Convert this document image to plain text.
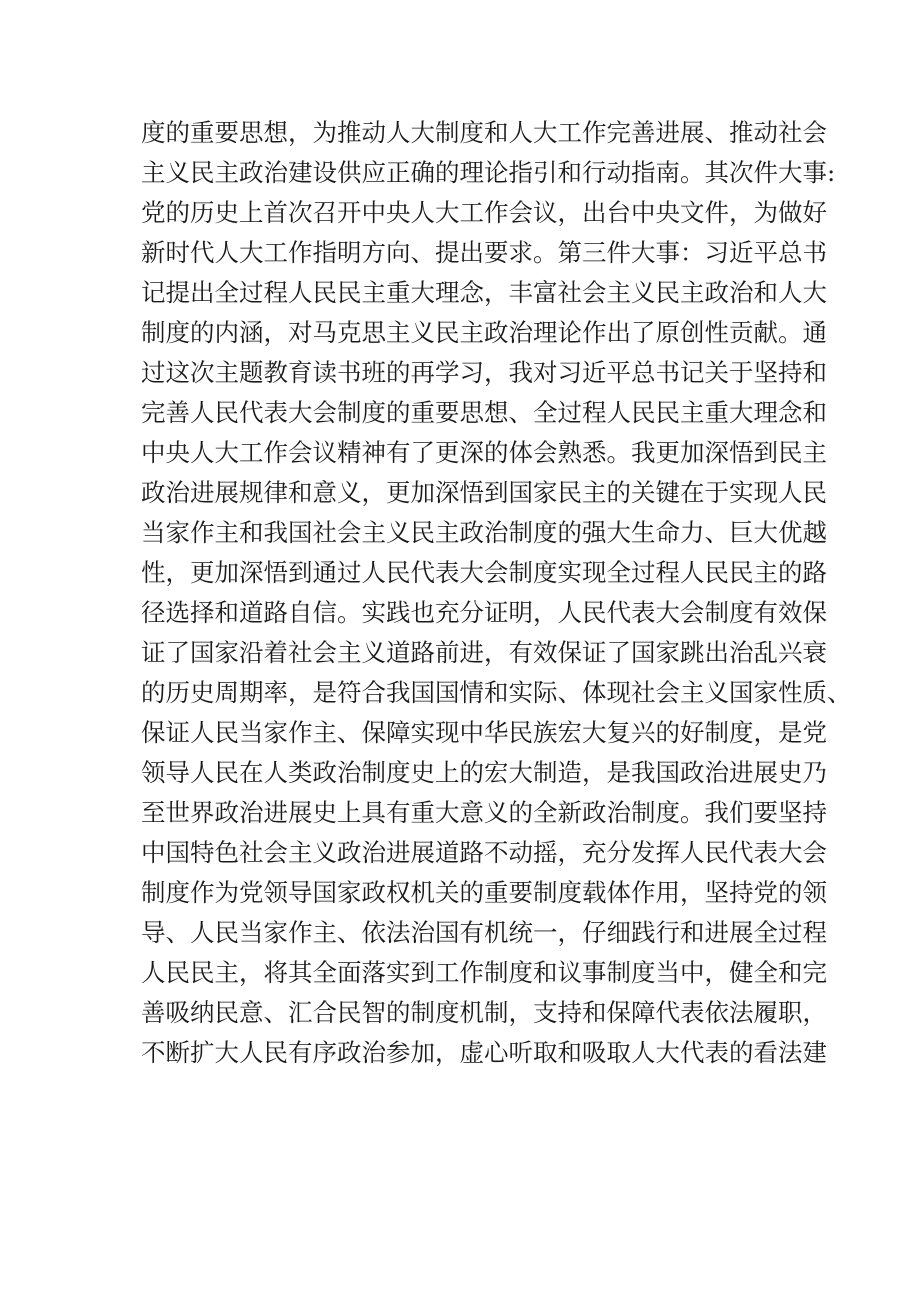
度的重要思想，为推动人大制度和人大工作完善进展、推动社会
主义民主政治建设供应正确的理论指引和行动指南。其次件大事:
党的历史上首次召开中央人大工作会议，出台中央文件，为做好
新时代人大工作指明方向、提出要求。第三件大事：习近平总书
记提出全过程人民民主重大理念，丰富社会主义民主政治和人大
制度的内涵，对马克思主义民主政治理论作出了原创性贡献。通
过这次主题教育读书班的再学习，我对习近平总书记关于坚持和
完善人民代表大会制度的重要思想、全过程人民民主重大理念和
中央人大工作会议精神有了更深的体会熟悉。我更加深悟到民主
政治进展规律和意义，更加深悟到国家民主的关键在于实现人民
当家作主和我国社会主义民主政治制度的强大生命力、巨大优越
性，更加深悟到通过人民代表大会制度实现全过程人民民主的路
径选择和道路自信。实践也充分证明，人民代表大会制度有效保
证了国家沿着社会主义道路前进，有效保证了国家跳出治乱兴衰
的历史周期率，是符合我国国情和实际、体现社会主义国家性质、
保证人民当家作主、保障实现中华民族宏大复兴的好制度，是党
领导人民在人类政治制度史上的宏大制造，是我国政治进展史乃
至世界政治进展史上具有重大意义的全新政治制度。我们要坚持
中国特色社会主义政治进展道路不动摇，充分发挥人民代表大会
制度作为党领导国家政权机关的重要制度载体作用，坚持党的领
导、人民当家作主、依法治国有机统一，仔细践行和进展全过程
人民民主，将其全面落实到工作制度和议事制度当中，健全和完
善吸纳民意、汇合民智的制度机制，支持和保障代表依法履职，
不断扩大人民有序政治参加，虚心听取和吸取人大代表的看法建
